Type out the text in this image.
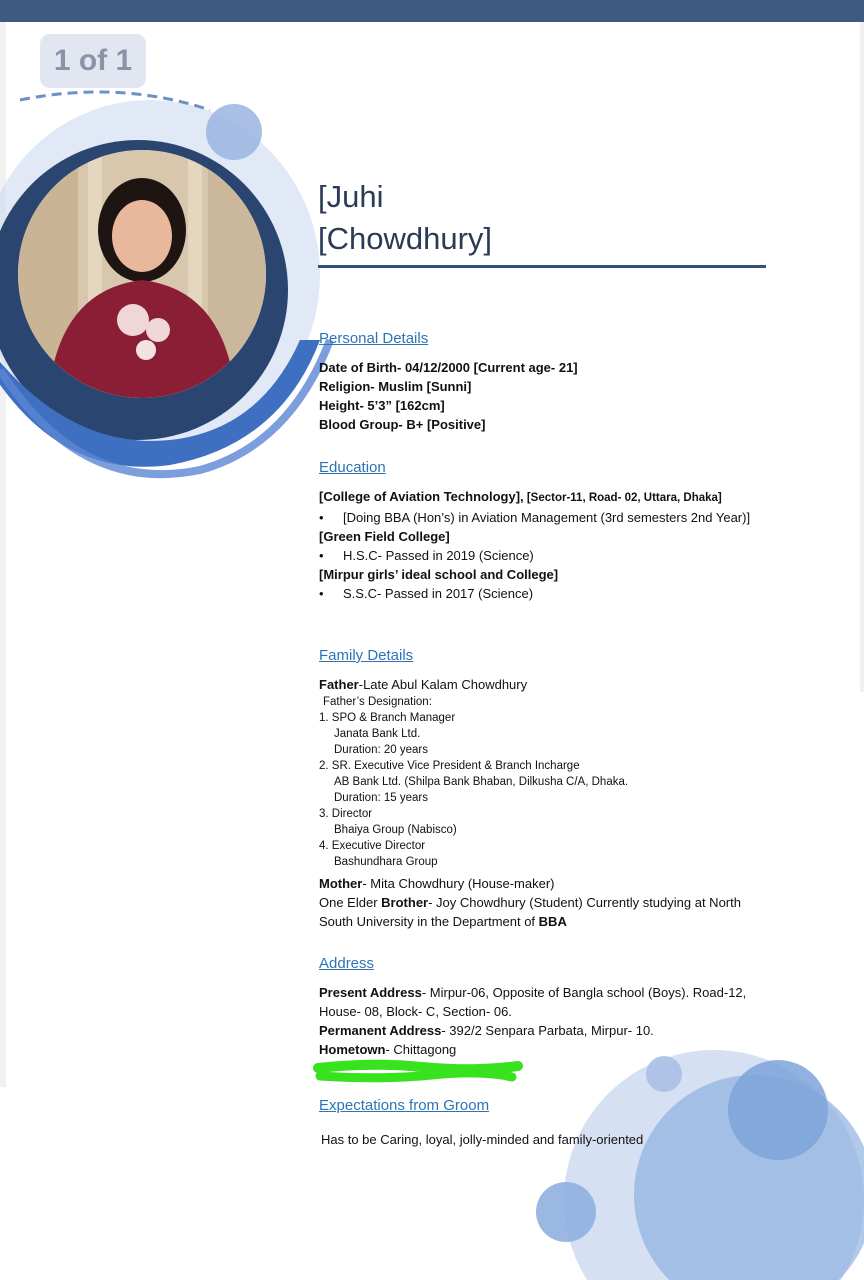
1 of 1
[Juhi
[Chowdhury]
Personal Details
Date of Birth- 04/12/2000 [Current age- 21]
Religion- Muslim [Sunni]
Height- 5’3” [162cm]
Blood Group- B+ [Positive]
Education
[College of Aviation Technology], [Sector-11, Road- 02, Uttara, Dhaka]
• [Doing BBA (Hon’s) in Aviation Management (3rd semesters 2nd Year)]
[Green Field College]
• H.S.C- Passed in 2019 (Science)
[Mirpur girls’ ideal school and College]
• S.S.C- Passed in 2017 (Science)
Family Details
Father-Late Abul Kalam Chowdhury
Father’s Designation:
1. SPO & Branch Manager
Janata Bank Ltd.
Duration: 20 years
2. SR. Executive Vice President & Branch Incharge
AB Bank Ltd. (Shilpa Bank Bhaban, Dilkusha C/A, Dhaka.
Duration: 15 years
3. Director
Bhaiya Group (Nabisco)
4. Executive Director
Bashundhara Group
Mother- Mita Chowdhury (House-maker)
One Elder Brother- Joy Chowdhury (Student) Currently studying at North South University in the Department of BBA
Address
Present Address- Mirpur-06, Opposite of Bangla school (Boys). Road-12, House- 08, Block- C, Section- 06.
Permanent Address- 392/2 Senpara Parbata, Mirpur- 10.
Hometown- Chittagong
Expectations from Groom
Has to be Caring, loyal, jolly-minded and family-oriented
